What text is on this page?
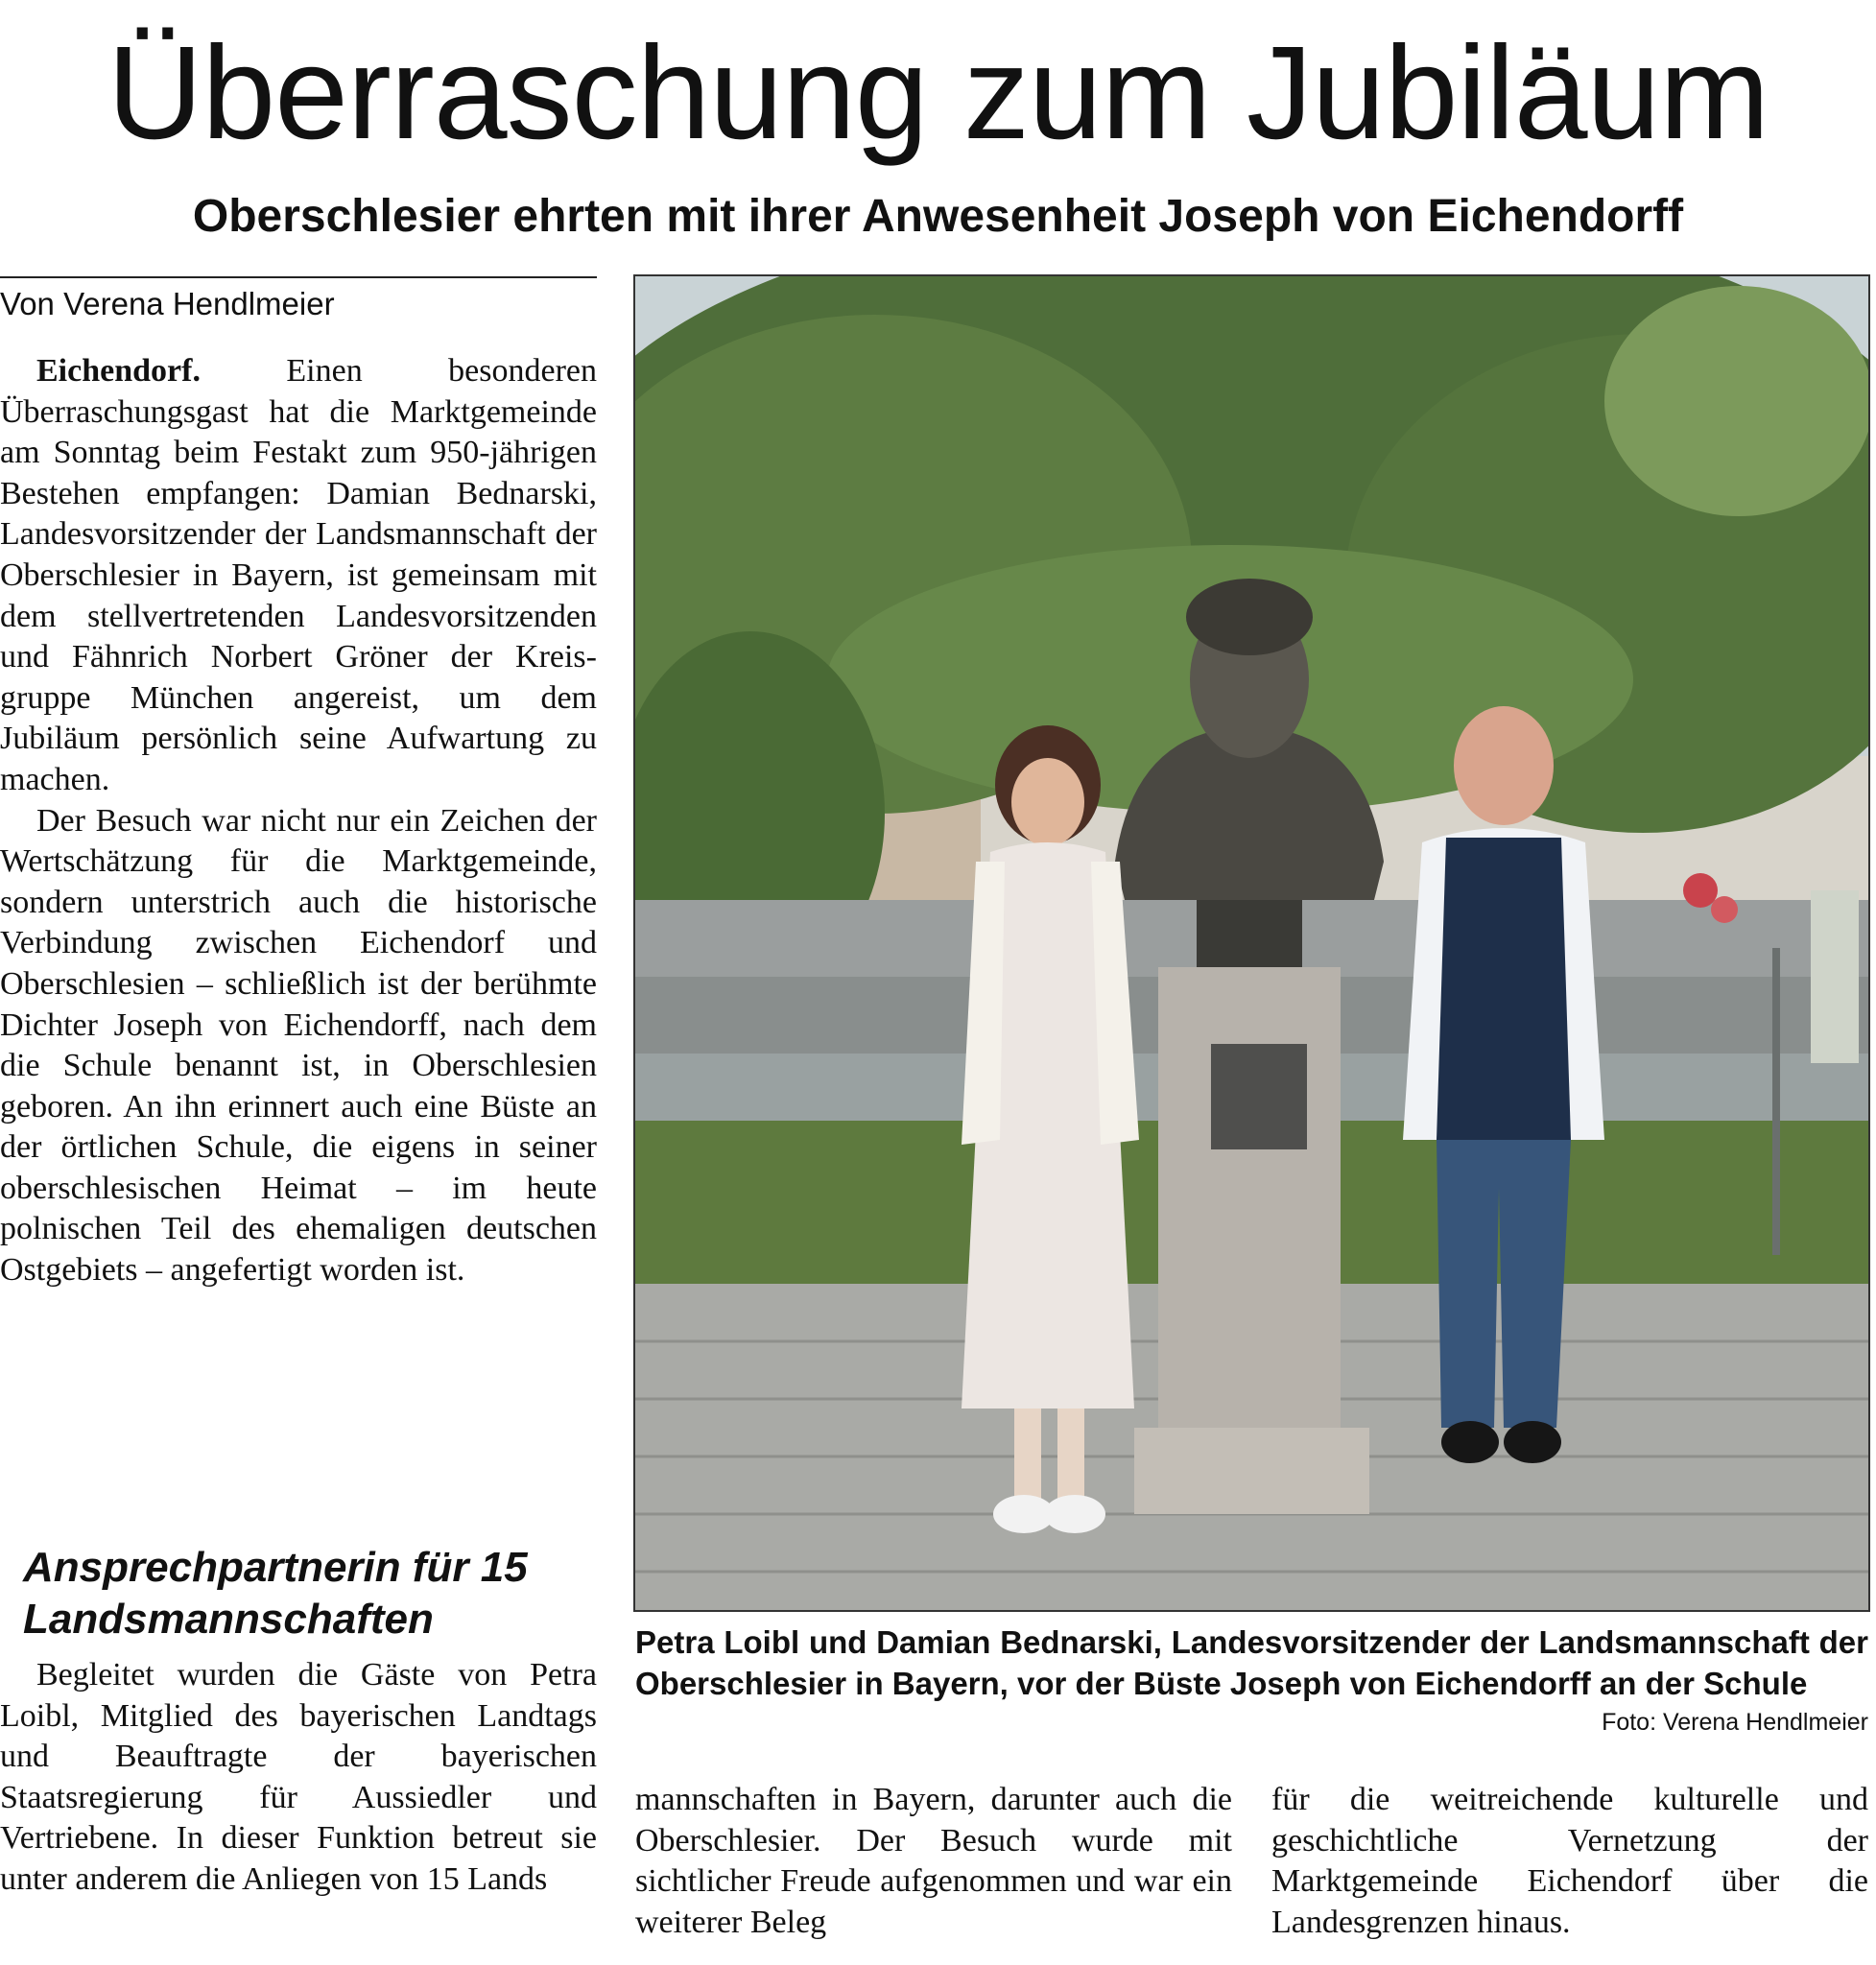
Überraschung zum Jubiläum
Oberschlesier ehrten mit ihrer Anwesenheit Joseph von Eichendorff
Von Verena Hendlmeier

Eichendorf.	Einen besonderen Überraschungsgast hat die Marktgemeinde am Sonntag beim Festakt zum 950-jährigen Bestehen empfangen: Damian Bednarski, Landesvorsitzender der Landsmannschaft der Oberschlesier in Bayern, ist gemeinsam mit dem stellvertretenden Landesvorsitzenden und Fähnrich Norbert Gröner der Kreisgruppe München angereist, um dem Jubiläum persönlich seine Aufwartung zu machen.

Der Besuch war nicht nur ein Zeichen der Wertschätzung für die Marktgemeinde, sondern unterstrich auch die historische Verbindung zwischen Eichendorf und Oberschlesien – schließlich ist der berühmte Dichter Joseph von Eichendorff, nach dem die Schule benannt ist, in Oberschlesien geboren. An ihn erinnert auch eine Büste an der örtlichen Schule, die eigens in seiner oberschlesischen Heimat – im heute polnischen Teil des ehemaligen deutschen Ostgebiets – angefertigt worden ist.

Ansprechpartnerin für 15 Landsmannschaften

Begleitet wurden die Gäste von Petra Loibl, Mitglied des bayerischen Landtags und Beauftragte der bayerischen Staatsregierung für Aussiedler und Vertriebene. In dieser Funktion betreut sie unter anderem die Anliegen von 15 Lands

Petra Loibl und Damian Bednarski, Landesvorsitzender der Landsmannschaft der Oberschlesier in Bayern, vor der Büste Joseph von Eichendorff an der Schule
Foto: Verena Hendlmeier

mannschaften in Bayern, darunter auch die Oberschlesier. Der Besuch wurde mit sichtlicher Freude aufgenommen und war ein weiterer Beleg

für die weitreichende kulturelle und geschichtliche Vernetzung der Marktgemeinde Eichendorf über die Landesgrenzen hinaus.
